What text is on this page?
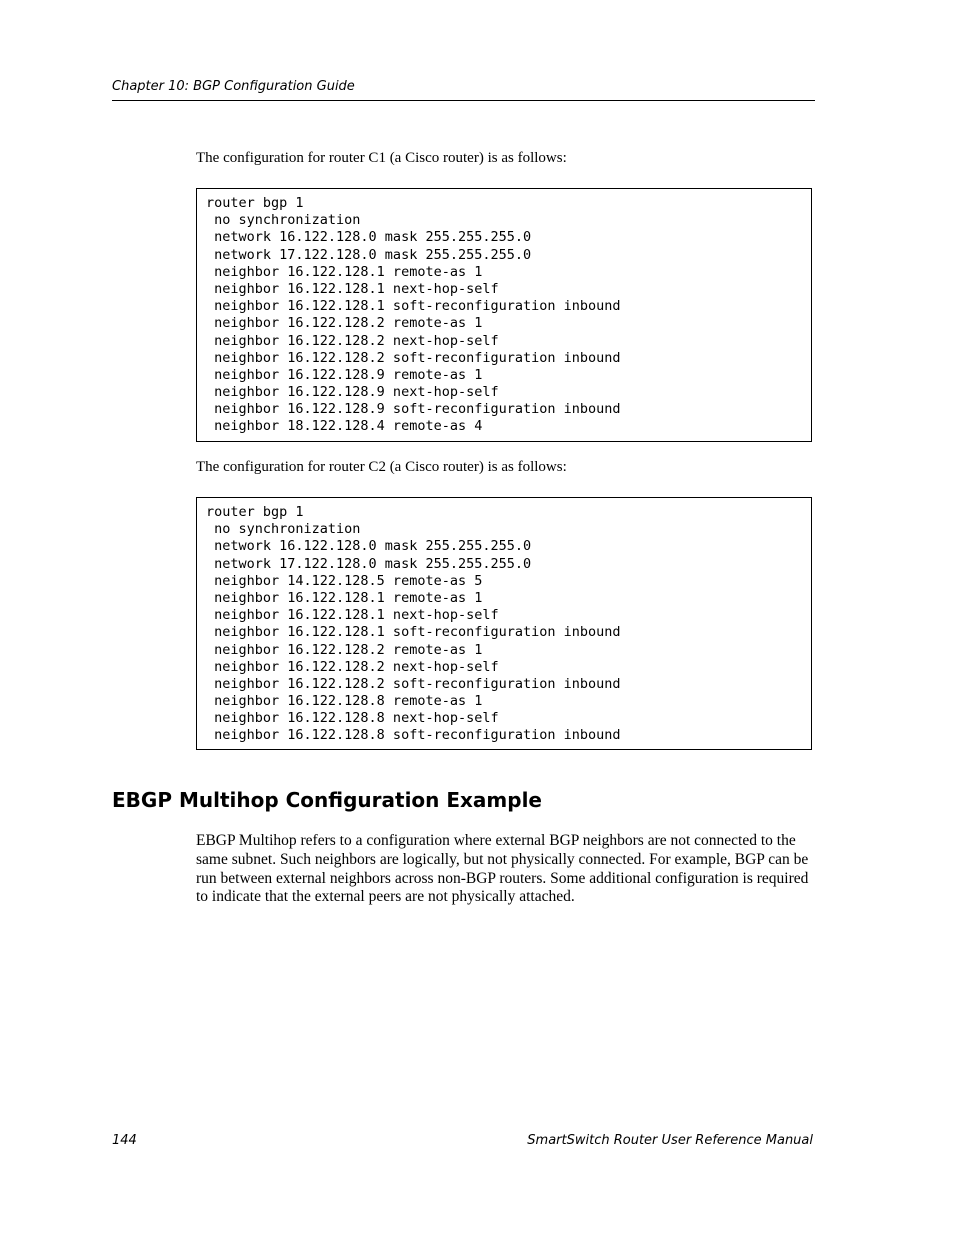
Chapter 10: BGP Configuration Guide

The configuration for router C1 (a Cisco router) is as follows:

router bgp 1
no synchronization
network 16.122.128.0 mask 255.255.255.0
network 17.122.128.0 mask 255.255.255.0
neighbor 16.122.128.1 remote-as 1
neighbor 16.122.128.1 next-hop-self
neighbor 16.122.128.1 soft-reconfiguration inbound
neighbor 16.122.128.2 remote-as 1
neighbor 16.122.128.2 next-hop-self
neighbor 16.122.128.2 soft-reconfiguration inbound
neighbor 16.122.128.9 remote-as 1
neighbor 16.122.128.9 next-hop-self
neighbor 16.122.128.9 soft-reconfiguration inbound
neighbor 18.122.128.4 remote-as 4

The configuration for router C2 (a Cisco router) is as follows:

router bgp 1
no synchronization
network 16.122.128.0 mask 255.255.255.0
network 17.122.128.0 mask 255.255.255.0
neighbor 14.122.128.5 remote-as 5
neighbor 16.122.128.1 remote-as 1
neighbor 16.122.128.1 next-hop-self
neighbor 16.122.128.1 soft-reconfiguration inbound
neighbor 16.122.128.2 remote-as 1
neighbor 16.122.128.2 next-hop-self
neighbor 16.122.128.2 soft-reconfiguration inbound
neighbor 16.122.128.8 remote-as 1
neighbor 16.122.128.8 next-hop-self
neighbor 16.122.128.8 soft-reconfiguration inbound
EBGP Multihop Configuration Example

EBGP Multihop refers to a configuration where external BGP neighbors are not connected to the same subnet. Such neighbors are logically, but not physically connected. For example, BGP can be run between external neighbors across non-BGP routers. Some additional configuration is required to indicate that the external peers are not physically attached.

144	SmartSwitch Router User Reference Manual
